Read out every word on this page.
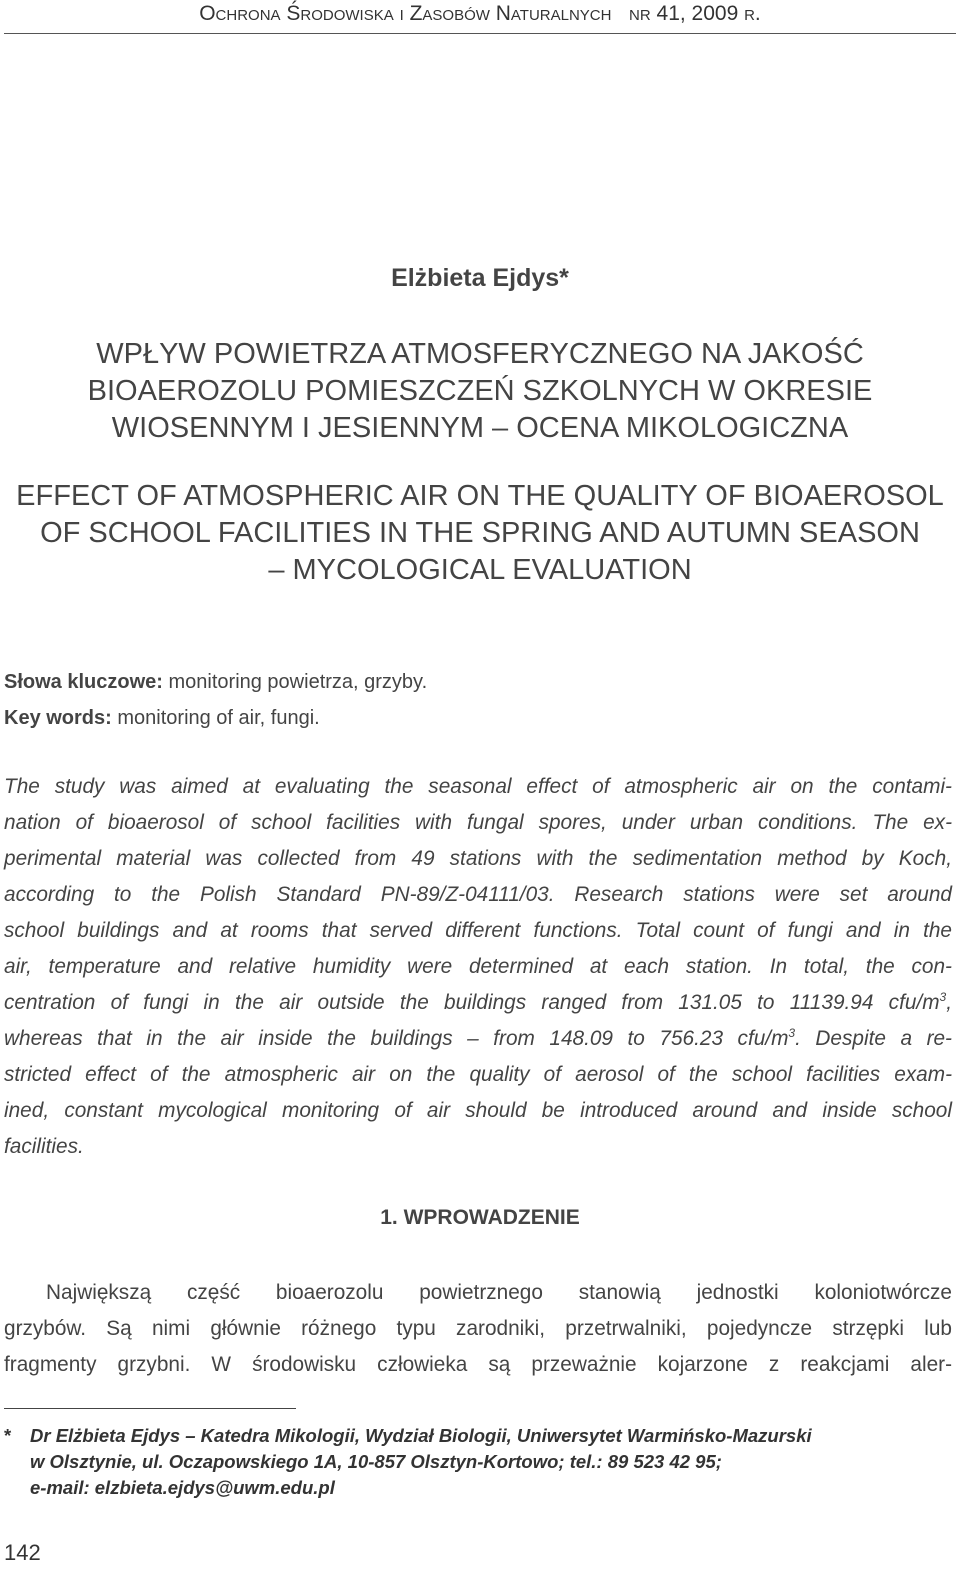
Ochrona Środowiska i Zasobów Naturalnych nr 41, 2009 r.
Elżbieta Ejdys*
WPŁYW POWIETRZA ATMOSFERYCZNEGO NA JAKOŚĆ
BIOAEROZOLU POMIESZCZEŃ SZKOLNYCH W OKRESIE
WIOSENNYM I JESIENNYM – OCENA MIKOLOGICZNA
EFFECT OF ATMOSPHERIC AIR ON THE QUALITY OF BIOAEROSOL
OF SCHOOL FACILITIES IN THE SPRING AND AUTUMN SEASON
– MYCOLOGICAL EVALUATION
Słowa kluczowe: monitoring powietrza, grzyby.
Key words: monitoring of air, fungi.
The study was aimed at evaluating the seasonal effect of atmospheric air on the contami-
nation of bioaerosol of school facilities with fungal spores, under urban conditions. The ex-
perimental material was collected from 49 stations with the sedimentation method by Koch,
according to the Polish Standard PN-89/Z-04111/03. Research stations were set around
school buildings and at rooms that served different functions. Total count of fungi and in the
air, temperature and relative humidity were determined at each station. In total, the con-
centration of fungi in the air outside the buildings ranged from 131.05 to 11139.94 cfu/$m^3$,
whereas that in the air inside the buildings – from 148.09 to 756.23 cfu/$m^3$. Despite a re-
stricted effect of the atmospheric air on the quality of aerosol of the school facilities exam-
ined, constant mycological monitoring of air should be introduced around and inside school
facilities.
1. WPROWADZENIE
Największą część bioaerozolu powietrznego stanowią jednostki koloniotwórcze
grzybów. Są nimi głównie różnego typu zarodniki, przetrwalniki, pojedyncze strzępki lub
fragmenty grzybni. W środowisku człowieka są przeważnie kojarzone z reakcjami aler-
* Dr Elżbieta Ejdys – Katedra Mikologii, Wydział Biologii, Uniwersytet Warmińsko-Mazurski
w Olsztynie, ul. Oczapowskiego 1A, 10-857 Olsztyn-Kortowo; tel.: 89 523 42 95;
e-mail: elzbieta.ejdys@uwm.edu.pl
142
